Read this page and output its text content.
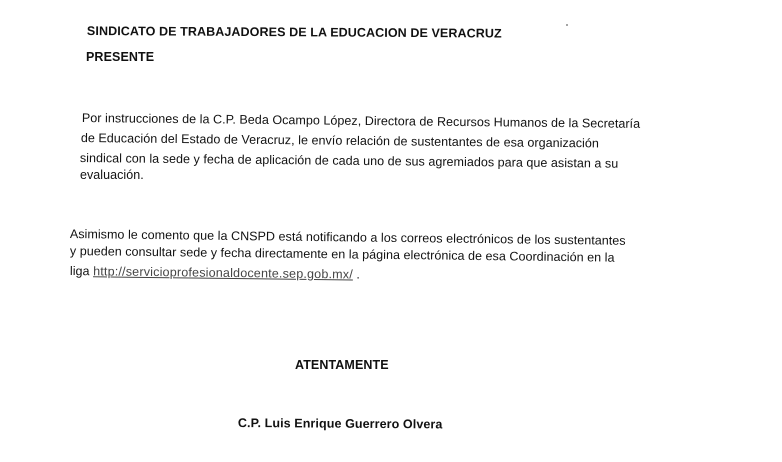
SINDICATO DE TRABAJADORES DE LA EDUCACION DE VERACRUZ
PRESENTE
Por instrucciones de la C.P. Beda Ocampo López, Directora de Recursos Humanos de la Secretaría
de Educación del Estado de Veracruz, le envío relación de sustentantes de esa organización
sindical con la sede y fecha de aplicación de cada uno de sus agremiados para que asistan a su
evaluación.
Asimismo le comento que la CNSPD está notificando a los correos electrónicos de los sustentantes
y pueden consultar sede y fecha directamente en la página electrónica de esa Coordinación en la
liga http://servicioprofesionaldocente.sep.gob.mx/ .
ATENTAMENTE
C.P. Luis Enrique Guerrero Olvera
